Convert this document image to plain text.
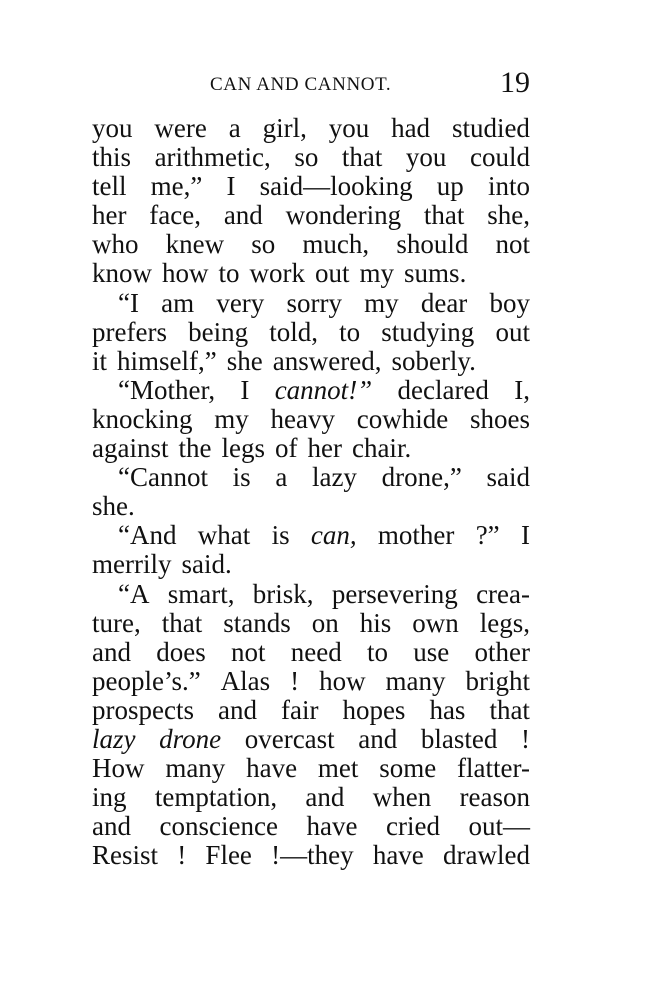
CAN AND CANNOT.	19
you were a girl, you had studied
this arithmetic, so that you could
tell me,” I said—looking up into
her face, and wondering that she,
who knew so much, should not
know how to work out my sums.
“I am very sorry my dear boy
prefers being told, to studying out
it himself,” she answered, soberly.
“Mother, I cannot!” declared I,
knocking my heavy cowhide shoes
against the legs of her chair.
“Cannot is a lazy drone,” said
she.
“And what is can, mother ?” I
merrily said.
“A smart, brisk, persevering crea-
ture, that stands on his own legs,
and does not need to use other
people’s.” Alas ! how many bright
prospects and fair hopes has that
lazy drone overcast and blasted !
How many have met some flatter-
ing temptation, and when reason
and conscience have cried out—
Resist ! Flee !—they have drawled
